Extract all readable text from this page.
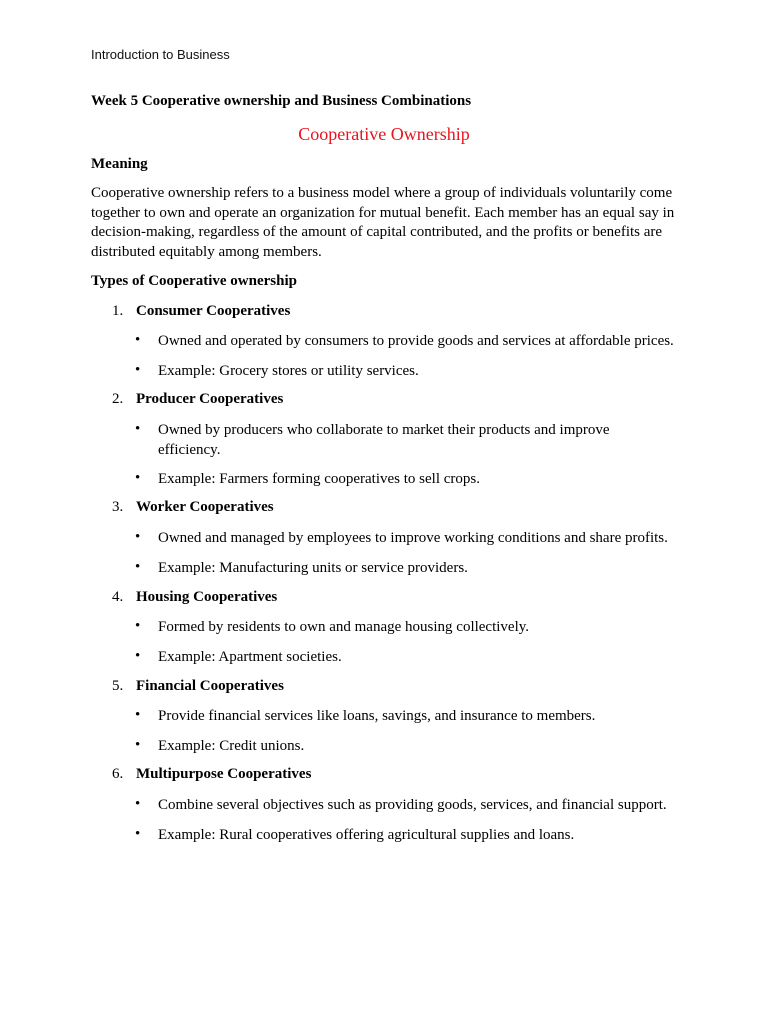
Introduction to Business
Week 5 Cooperative ownership and Business Combinations
Cooperative Ownership
Meaning
Cooperative ownership refers to a business model where a group of individuals voluntarily come together to own and operate an organization for mutual benefit. Each member has an equal say in decision-making, regardless of the amount of capital contributed, and the profits or benefits are distributed equitably among members.
Types of Cooperative ownership
1. Consumer Cooperatives
• Owned and operated by consumers to provide goods and services at affordable prices.
• Example: Grocery stores or utility services.
2. Producer Cooperatives
• Owned by producers who collaborate to market their products and improve efficiency.
• Example: Farmers forming cooperatives to sell crops.
3. Worker Cooperatives
• Owned and managed by employees to improve working conditions and share profits.
• Example: Manufacturing units or service providers.
4. Housing Cooperatives
• Formed by residents to own and manage housing collectively.
• Example: Apartment societies.
5. Financial Cooperatives
• Provide financial services like loans, savings, and insurance to members.
• Example: Credit unions.
6. Multipurpose Cooperatives
• Combine several objectives such as providing goods, services, and financial support.
• Example: Rural cooperatives offering agricultural supplies and loans.
